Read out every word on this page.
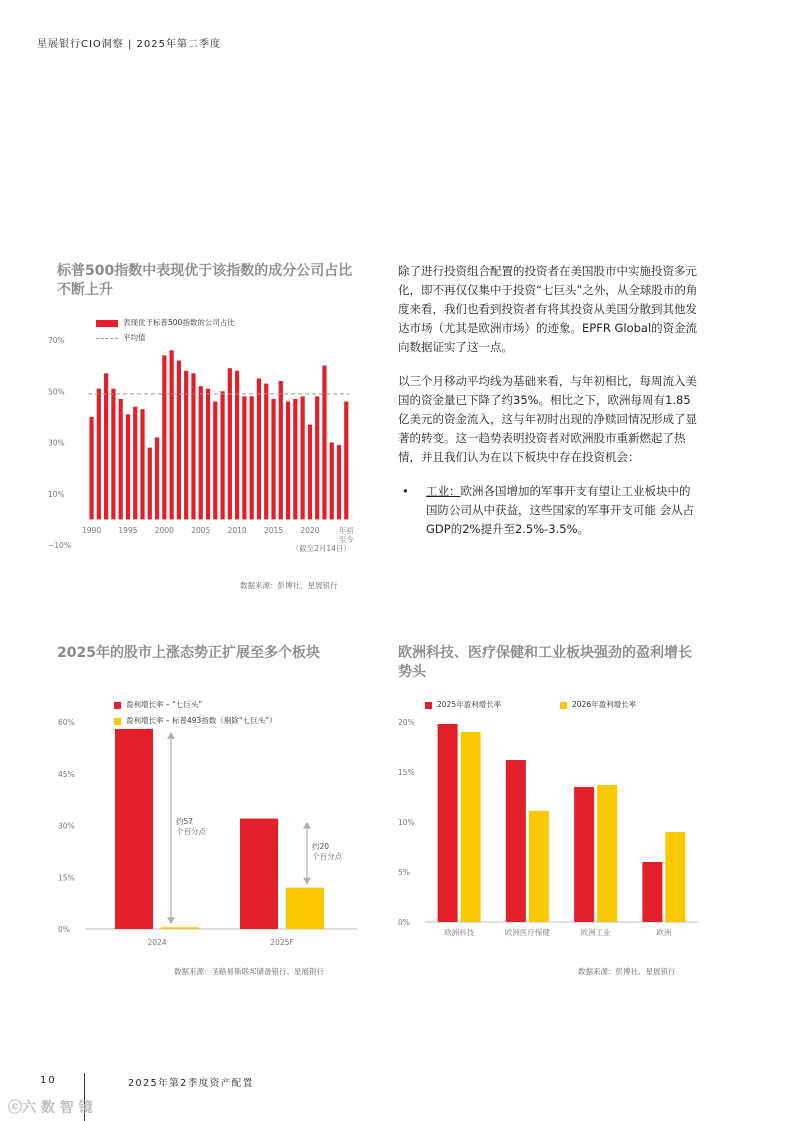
星展银行CIO洞察 | 2025年第二季度
标普500指数中表现优于该指数的成分公司占比不断上升
表现优于标普500指数的公司占比
平均值
70%
50%
30%
10%
−10%
1990 1995 2000 2005 2010 2015 2020	年初至今（截至2月14日）
数据来源：彭博社、星展银行

除了进行投资组合配置的投资者在美国股市中实施投资多元化，即不再仅仅集中于投资“七巨头”之外，从全球股市的角度来看，我们也看到投资者有将其投资从美国分散到其他发达市场（尤其是欧洲市场）的迹象。EPFR Global的资金流向数据证实了这一点。

以三个月移动平均线为基础来看，与年初相比，每周流入美国的资金量已下降了约35%。相比之下，欧洲每周有1.85亿美元的资金流入，这与年初时出现的净赎回情况形成了显著的转变。这一趋势表明投资者对欧洲股市重新燃起了热情，并且我们认为在以下板块中存在投资机会：

• 工业：欧洲各国增加的军事开支有望让工业板块中的国防公司从中获益，这些国家的军事开支可能 会从占GDP的2%提升至2.5%-3.5%。
2025年的股市上涨态势正扩展至多个板块
盈利增长率 – “七巨头”
盈利增长率 – 标普493指数（剔除“七巨头”）
60%
45%
30%
15%
0%
2024	2025F
约57 个百分点
约20 个百分点
数据来源：圣路易斯联邦储备银行、星展银行
欧洲科技、医疗保健和工业板块强劲的盈利增长势头
2025年盈利增长率	2026年盈利增长率
20%
15%
10%
5%
0%
欧洲科技	欧洲医疗保健	欧洲工业	欧洲
数据来源：彭博社、星展银行
10	2025年第2季度资产配置
ⓒ六 数 智 镜
